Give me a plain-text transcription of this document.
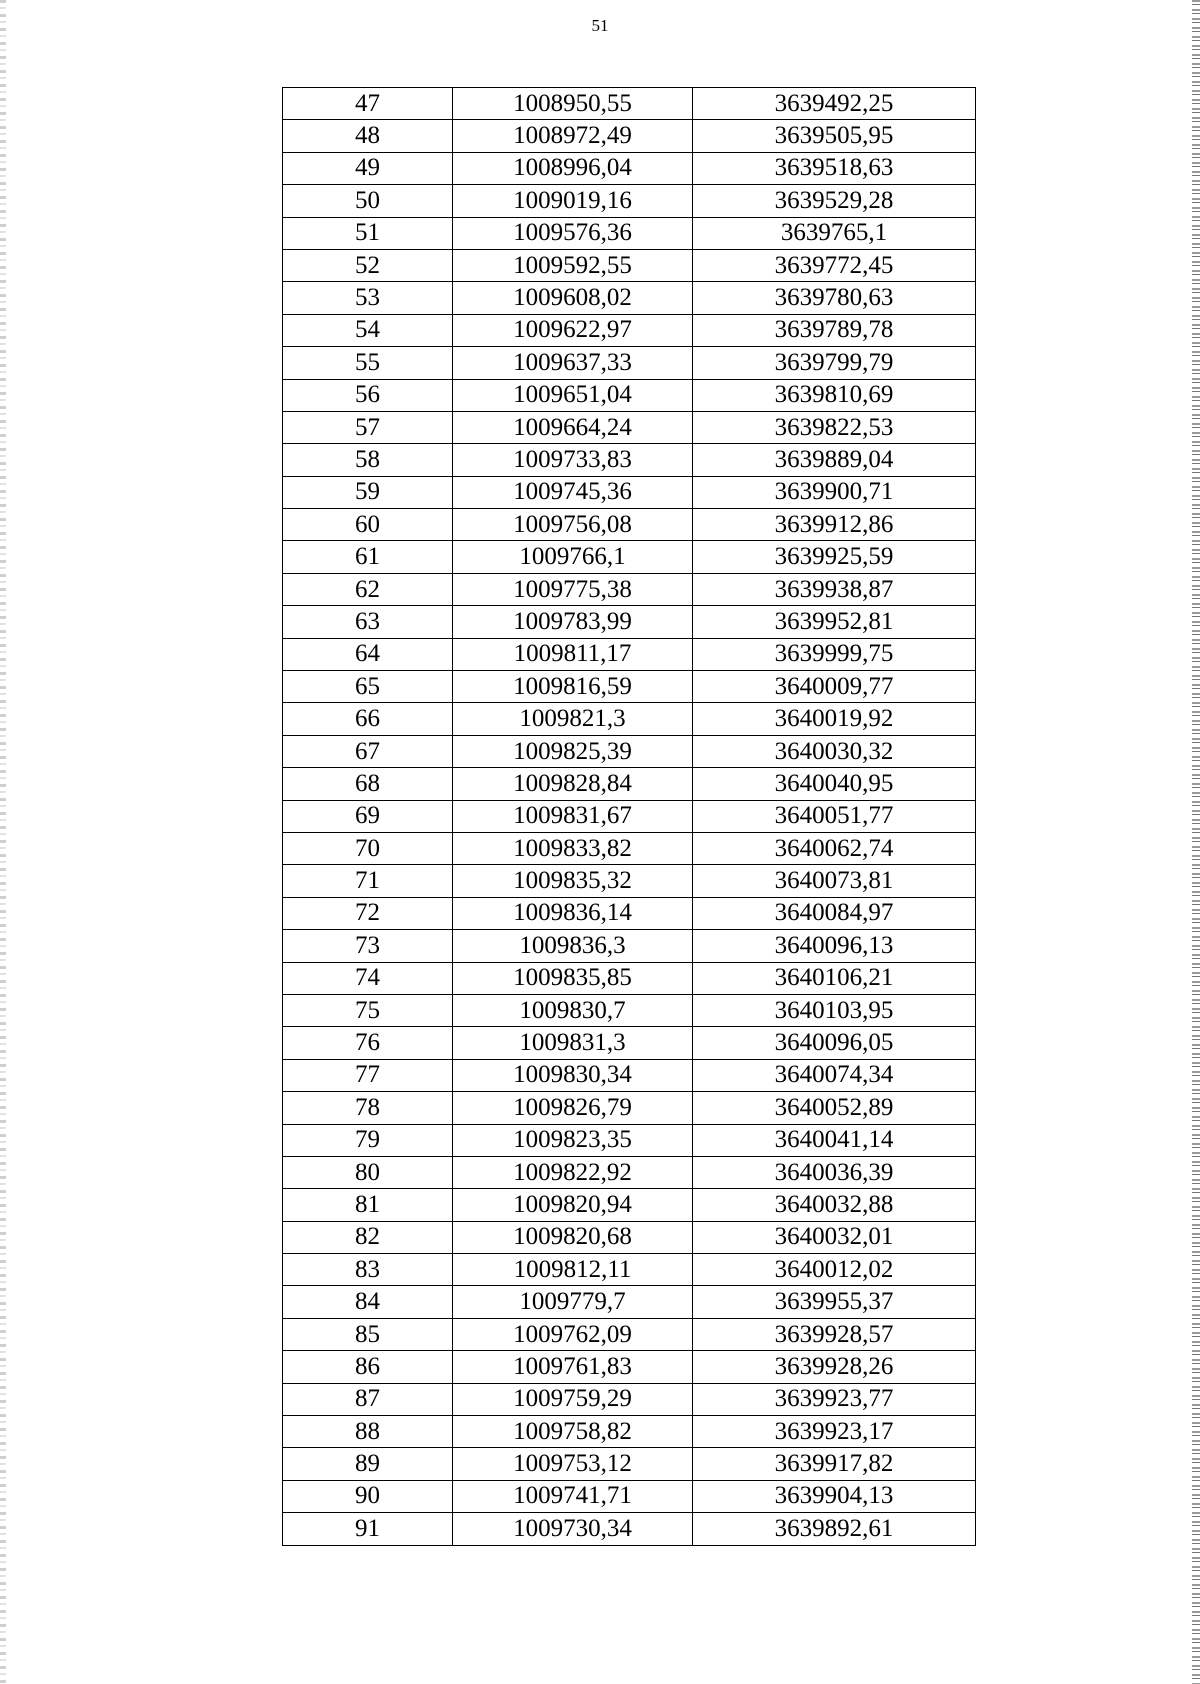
51
47	1008950,55	3639492,25
48	1008972,49	3639505,95
49	1008996,04	3639518,63
50	1009019,16	3639529,28
51	1009576,36	3639765,1
52	1009592,55	3639772,45
53	1009608,02	3639780,63
54	1009622,97	3639789,78
55	1009637,33	3639799,79
56	1009651,04	3639810,69
57	1009664,24	3639822,53
58	1009733,83	3639889,04
59	1009745,36	3639900,71
60	1009756,08	3639912,86
61	1009766,1	3639925,59
62	1009775,38	3639938,87
63	1009783,99	3639952,81
64	1009811,17	3639999,75
65	1009816,59	3640009,77
66	1009821,3	3640019,92
67	1009825,39	3640030,32
68	1009828,84	3640040,95
69	1009831,67	3640051,77
70	1009833,82	3640062,74
71	1009835,32	3640073,81
72	1009836,14	3640084,97
73	1009836,3	3640096,13
74	1009835,85	3640106,21
75	1009830,7	3640103,95
76	1009831,3	3640096,05
77	1009830,34	3640074,34
78	1009826,79	3640052,89
79	1009823,35	3640041,14
80	1009822,92	3640036,39
81	1009820,94	3640032,88
82	1009820,68	3640032,01
83	1009812,11	3640012,02
84	1009779,7	3639955,37
85	1009762,09	3639928,57
86	1009761,83	3639928,26
87	1009759,29	3639923,77
88	1009758,82	3639923,17
89	1009753,12	3639917,82
90	1009741,71	3639904,13
91	1009730,34	3639892,61
